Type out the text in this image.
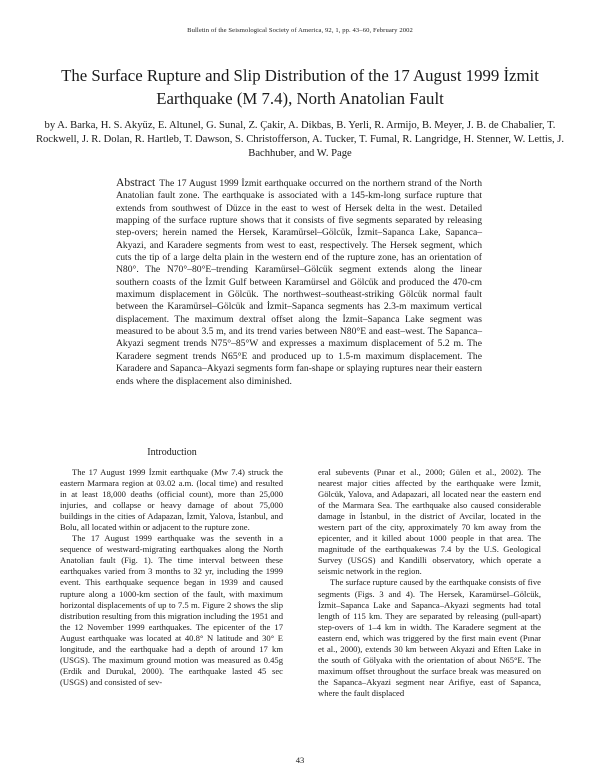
Bulletin of the Seismological Society of America, 92, 1, pp. 43–60, February 2002
The Surface Rupture and Slip Distribution of the 17 August 1999 İzmit Earthquake (M 7.4), North Anatolian Fault
by A. Barka, H. S. Akyüz, E. Altunel, G. Sunal, Z. Çakir, A. Dikbas, B. Yerli, R. Armijo, B. Meyer, J. B. de Chabalier, T. Rockwell, J. R. Dolan, R. Hartleb, T. Dawson, S. Christofferson, A. Tucker, T. Fumal, R. Langridge, H. Stenner, W. Lettis, J. Bachhuber, and W. Page

Abstract The 17 August 1999 İzmit earthquake occurred on the northern strand of the North Anatolian fault zone. The earthquake is associated with a 145-km-long surface rupture that extends from southwest of Düzce in the east to west of Hersek delta in the west. Detailed mapping of the surface rupture shows that it consists of five segments separated by releasing step-overs; herein named the Hersek, Karamürsel–Gölcük, İzmit–Sapanca Lake, Sapanca–Akyazi, and Karadere segments from west to east, respectively. The Hersek segment, which cuts the tip of a large delta plain in the western end of the rupture zone, has an orientation of N80°. The N70°–80°E–trending Karamürsel–Gölcük segment extends along the linear southern coasts of the İzmit Gulf between Karamürsel and Gölcük and produced the 470-cm maximum displacement in Gölcük. The northwest–southeast-striking Gölcük normal fault between the Karamürsel–Gölcük and İzmit–Sapanca segments has 2.3-m maximum vertical displacement. The maximum dextral offset along the İzmit–Sapanca Lake segment was measured to be about 3.5 m, and its trend varies between N80°E and east–west. The Sapanca–Akyazi segment trends N75°–85°W and expresses a maximum displacement of 5.2 m. The Karadere segment trends N65°E and produced up to 1.5-m maximum displacement. The Karadere and Sapanca–Akyazi segments form fan-shape or splaying ruptures near their eastern ends where the displacement also diminished.

Introduction

The 17 August 1999 İzmit earthquake (Mw 7.4) struck the eastern Marmara region at 03.02 a.m. (local time) and resulted in at least 18,000 deaths (official count), more than 25,000 injuries, and collapse or heavy damage of about 75,000 buildings in the cities of Adapazan, İzmit, Yalova, İstanbul, and Bolu, all located within or adjacent to the rupture zone.

The 17 August 1999 earthquake was the seventh in a sequence of westward-migrating earthquakes along the North Anatolian fault (Fig. 1). The time interval between these earthquakes varied from 3 months to 32 yr, including the 1999 event. This earthquake sequence began in 1939 and caused rupture along a 1000-km section of the fault, with maximum horizontal displacements of up to 7.5 m. Figure 2 shows the slip distribution resulting from this migration including the 1951 and the 12 November 1999 earthquakes. The epicenter of the 17 August earthquake was located at 40.8° N latitude and 30° E longitude, and the earthquake had a depth of around 17 km (USGS). The maximum ground motion was measured as 0.45g (Erdik and Durukal, 2000). The earthquake lasted 45 sec (USGS) and consisted of sev-

eral subevents (Pınar et al., 2000; Gülen et al., 2002). The nearest major cities affected by the earthquake were İzmit, Gölcük, Yalova, and Adapazari, all located near the eastern end of the Marmara Sea. The earthquake also caused considerable damage in İstanbul, in the district of Avcilar, located in the western part of the city, approximately 70 km away from the epicenter, and it killed about 1000 people in that area. The magnitude of the earthquakewas 7.4 by the U.S. Geological Survey (USGS) and Kandilli observatory, which operate a seismic network in the region.

The surface rupture caused by the earthquake consists of five segments (Figs. 3 and 4). The Hersek, Karamürsel–Gölcük, İzmit–Sapanca Lake and Sapanca–Akyazi segments had total length of 115 km. They are separated by releasing (pull-apart) step-overs of 1–4 km in width. The Karadere segment at the eastern end, which was triggered by the first main event (Pınar et al., 2000), extends 30 km between Akyazi and Eften Lake in the south of Gölyaka with the orientation of about N65°E. The maximum offset throughout the surface break was measured on the Sapanca–Akyazi segment near Arifiye, east of Sapanca, where the fault displaced

43
